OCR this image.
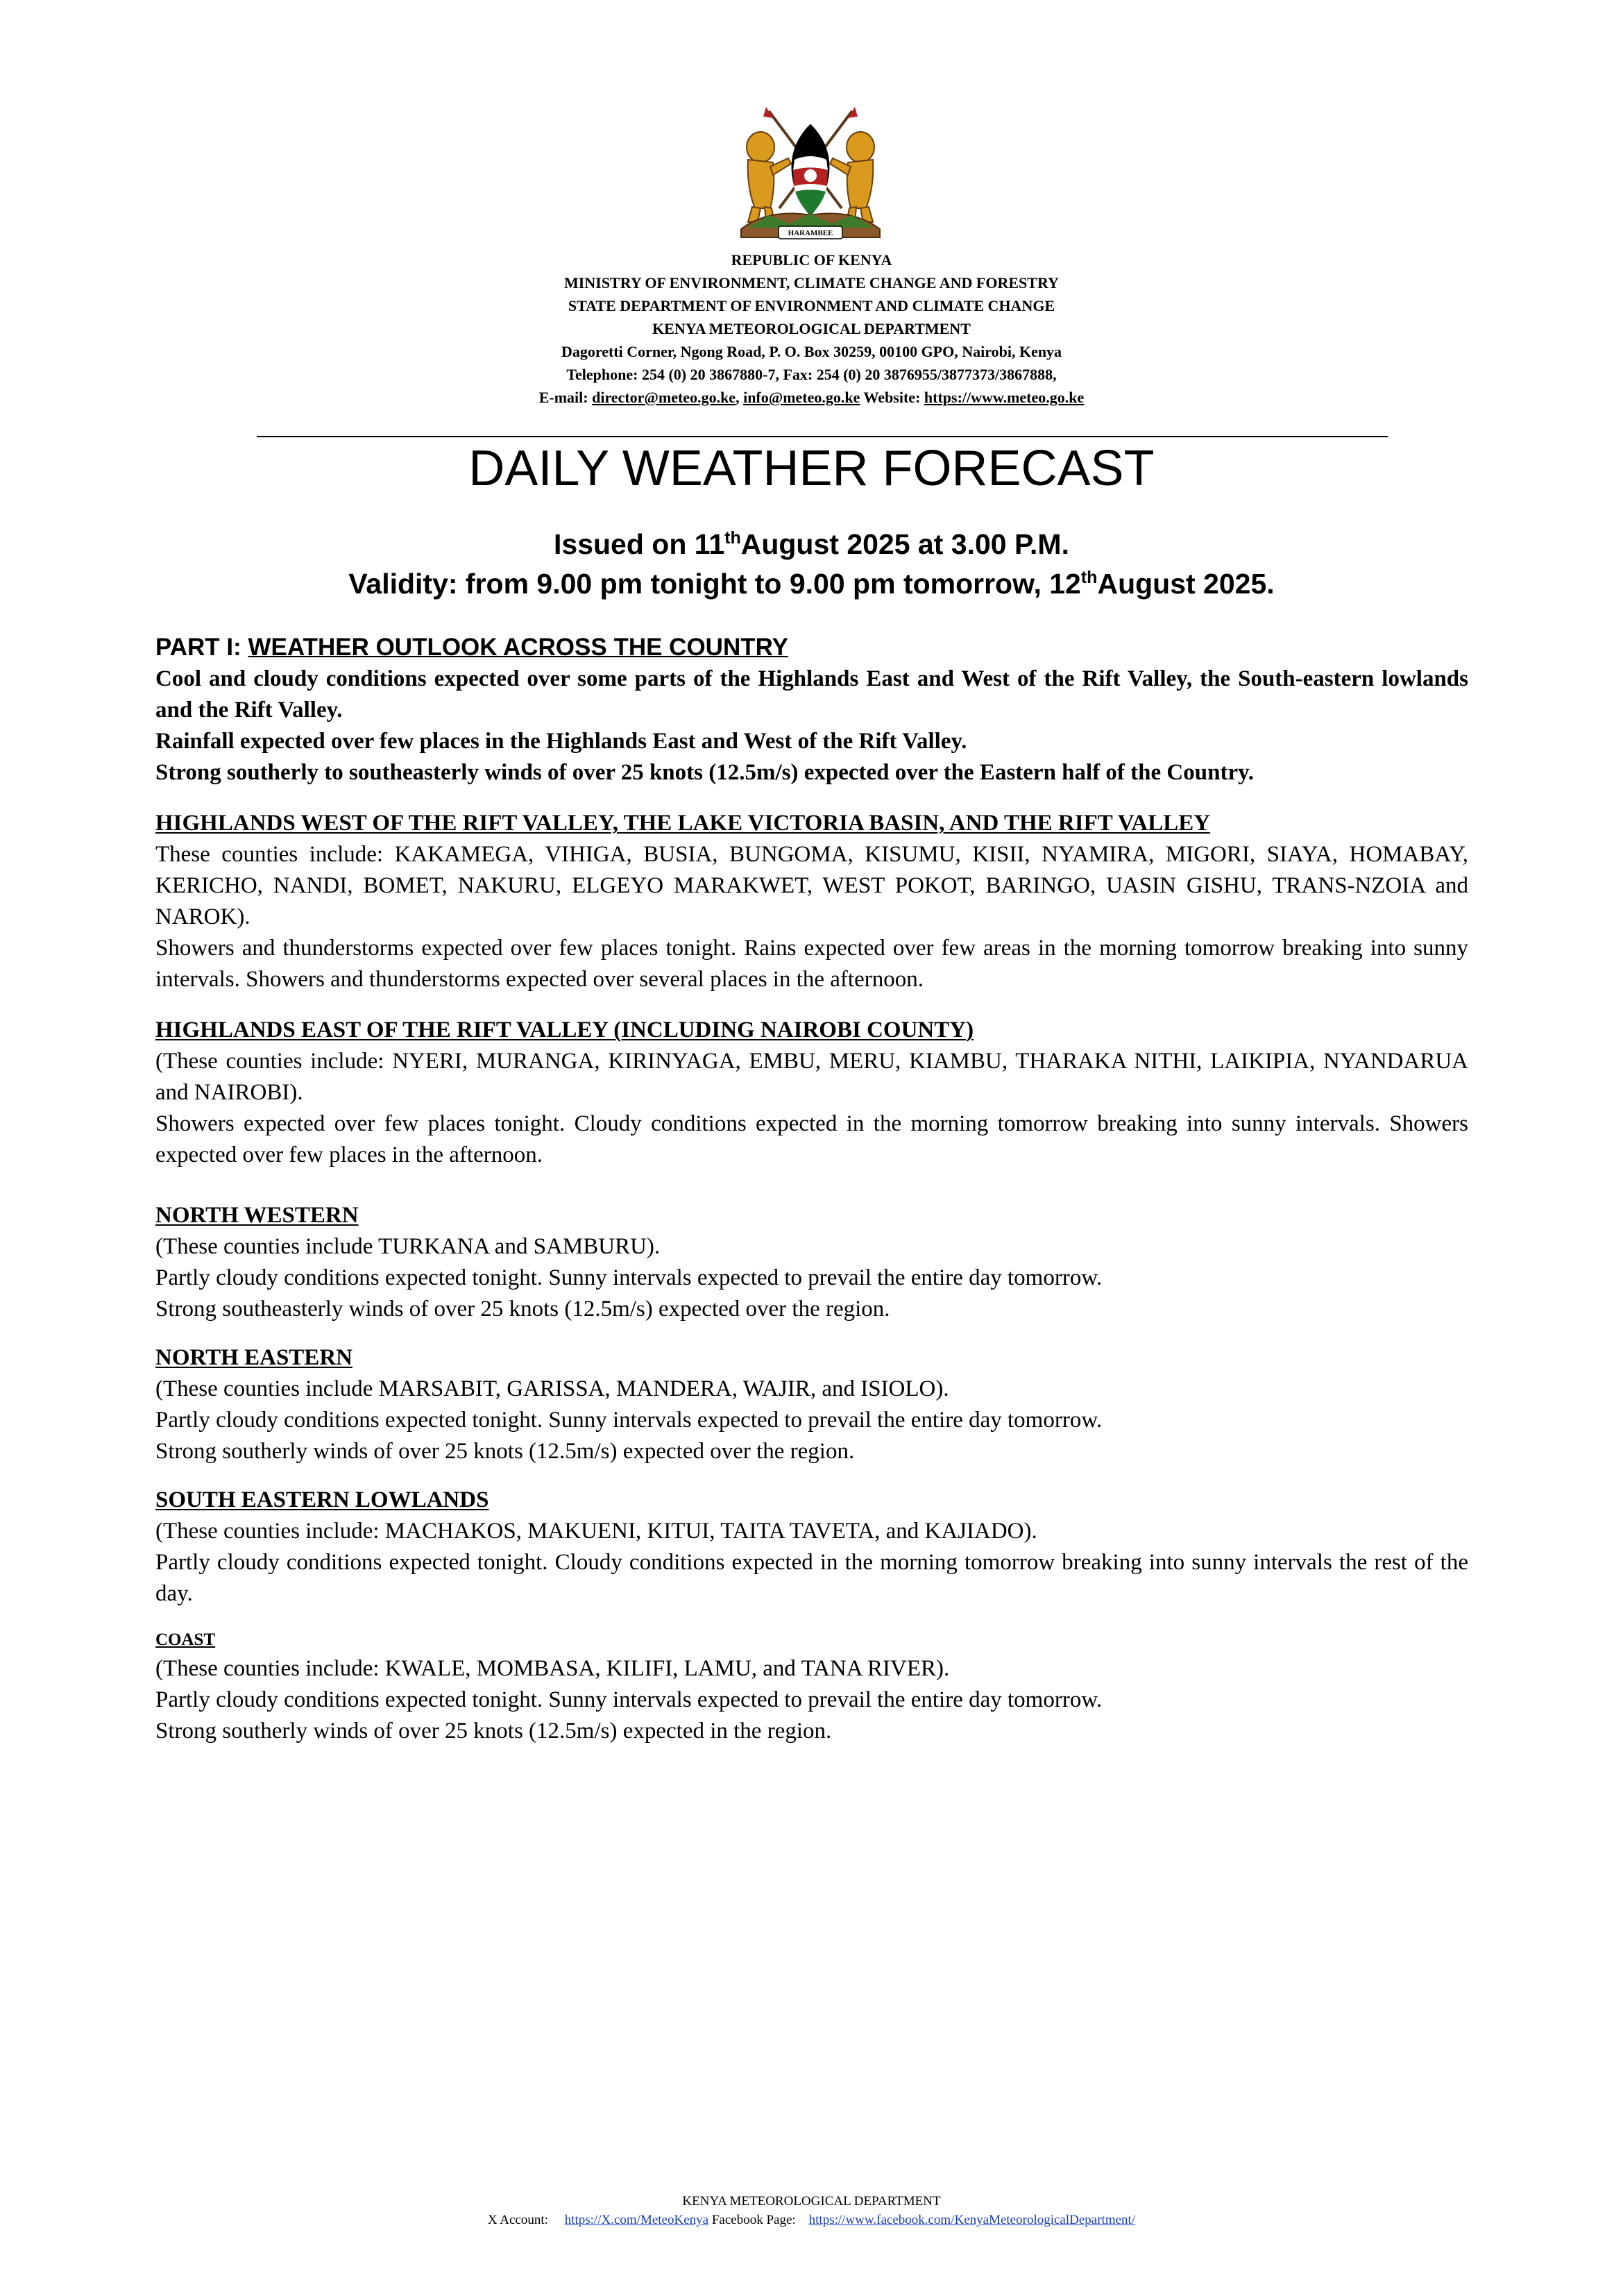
HARAMBEE
REPUBLIC OF KENYA
MINISTRY OF ENVIRONMENT, CLIMATE CHANGE AND FORESTRY
STATE DEPARTMENT OF ENVIRONMENT AND CLIMATE CHANGE
KENYA METEOROLOGICAL DEPARTMENT
Dagoretti Corner, Ngong Road, P. O. Box 30259, 00100 GPO, Nairobi, Kenya
Telephone: 254 (0) 20 3867880-7, Fax: 254 (0) 20 3876955/3877373/3867888,
E-mail: director@meteo.go.ke, info@meteo.go.ke Website: https://www.meteo.go.ke
DAILY WEATHER FORECAST
Issued on 11thAugust 2025 at 3.00 P.M.
Validity: from 9.00 pm tonight to 9.00 pm tomorrow, 12thAugust 2025.
PART I: WEATHER OUTLOOK ACROSS THE COUNTRY

Cool and cloudy conditions expected over some parts of the Highlands East and West of the Rift Valley, the South-eastern lowlands and the Rift Valley.

Rainfall expected over few places in the Highlands East and West of the Rift Valley.

Strong southerly to southeasterly winds of over 25 knots (12.5m/s) expected over the Eastern half of the Country.

HIGHLANDS WEST OF THE RIFT VALLEY, THE LAKE VICTORIA BASIN, AND THE RIFT VALLEY

These counties include: KAKAMEGA, VIHIGA, BUSIA, BUNGOMA, KISUMU, KISII, NYAMIRA, MIGORI, SIAYA, HOMABAY, KERICHO, NANDI, BOMET, NAKURU, ELGEYO MARAKWET, WEST POKOT, BARINGO, UASIN GISHU, TRANS-NZOIA and NAROK).

Showers and thunderstorms expected over few places tonight. Rains expected over few areas in the morning tomorrow breaking into sunny intervals. Showers and thunderstorms expected over several places in the afternoon.

HIGHLANDS EAST OF THE RIFT VALLEY (INCLUDING NAIROBI COUNTY)

(These counties include: NYERI, MURANGA, KIRINYAGA, EMBU, MERU, KIAMBU, THARAKA NITHI, LAIKIPIA, NYANDARUA and NAIROBI).

Showers expected over few places tonight. Cloudy conditions expected in the morning tomorrow breaking into sunny intervals. Showers expected over few places in the afternoon.

NORTH WESTERN

(These counties include TURKANA and SAMBURU).

Partly cloudy conditions expected tonight. Sunny intervals expected to prevail the entire day tomorrow.

Strong southeasterly winds of over 25 knots (12.5m/s) expected over the region.

NORTH EASTERN

(These counties include MARSABIT, GARISSA, MANDERA, WAJIR, and ISIOLO).

Partly cloudy conditions expected tonight. Sunny intervals expected to prevail the entire day tomorrow.

Strong southerly winds of over 25 knots (12.5m/s) expected over the region.

SOUTH EASTERN LOWLANDS

(These counties include: MACHAKOS, MAKUENI, KITUI, TAITA TAVETA, and KAJIADO).

Partly cloudy conditions expected tonight. Cloudy conditions expected in the morning tomorrow breaking into sunny intervals the rest of the day.

COAST

(These counties include: KWALE, MOMBASA, KILIFI, LAMU, and TANA RIVER).

Partly cloudy conditions expected tonight. Sunny intervals expected to prevail the entire day tomorrow.

Strong southerly winds of over 25 knots (12.5m/s) expected in the region.

KENYA METEOROLOGICAL DEPARTMENT
X Account: https://X.com/MeteoKenya Facebook Page: https://www.facebook.com/KenyaMeteorologicalDepartment/
